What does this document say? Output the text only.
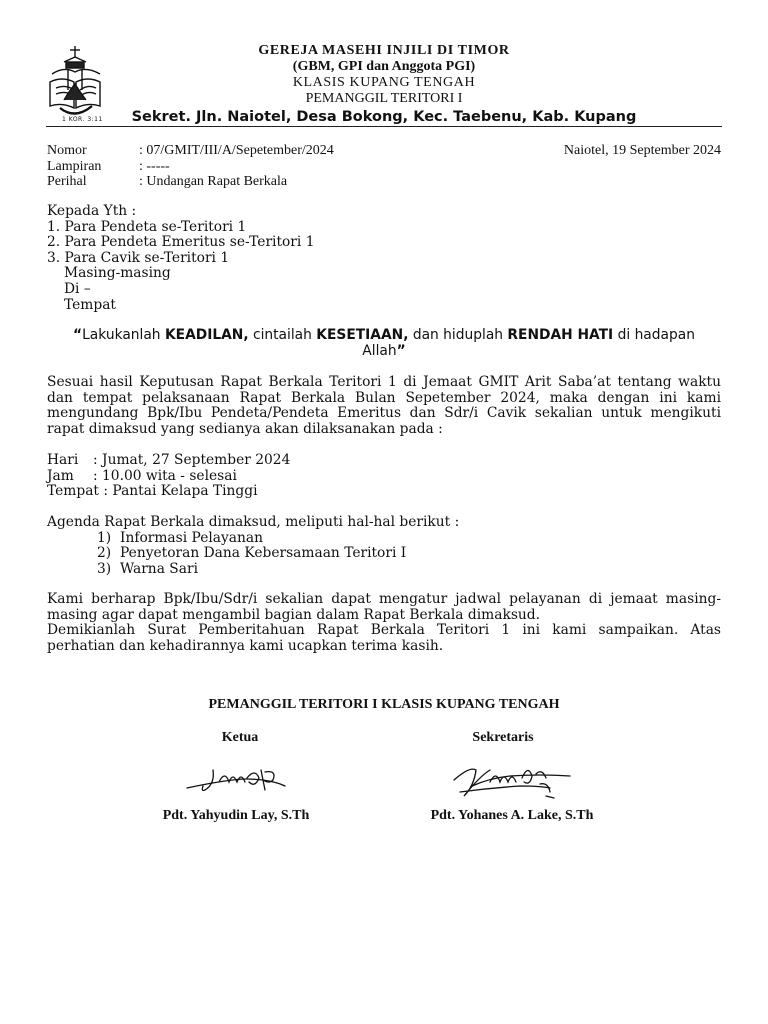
1 KOR. 3:11
GEREJA MASEHI INJILI DI TIMOR
(GBM, GPI dan Anggota PGI)
KLASIS KUPANG TENGAH
PEMANGGIL TERITORI I
Sekret. Jln. Naiotel, Desa Bokong, Kec. Taebenu, Kab. Kupang
Nomor	: 07/GMIT/III/A/Sepetember/2024	Naiotel, 19 September 2024
Lampiran	: -----
Perihal	: Undangan Rapat Berkala
Kepada Yth :
1. Para Pendeta se-Teritori 1
2. Para Pendeta Emeritus se-Teritori 1
3. Para Cavik se-Teritori 1
Masing-masing
Di –
Tempat
“Lakukanlah KEADILAN, cintailah KESETIAAN, dan hiduplah RENDAH HATI di hadapan
Allah”
Sesuai hasil Keputusan Rapat Berkala Teritori 1 di Jemaat GMIT Arit Saba’at tentang waktu
dan tempat pelaksanaan Rapat Berkala Bulan Sepetember 2024, maka dengan ini kami
mengundang Bpk/Ibu Pendeta/Pendeta Emeritus dan Sdr/i Cavik sekalian untuk mengikuti
rapat dimaksud yang sedianya akan dilaksanakan pada :
Hari : Jumat, 27 September 2024
Jam : 10.00 wita - selesai
Tempat : Pantai Kelapa Tinggi
Agenda Rapat Berkala dimaksud, meliputi hal-hal berikut :
1) Informasi Pelayanan
2) Penyetoran Dana Kebersamaan Teritori I
3) Warna Sari
Kami berharap Bpk/Ibu/Sdr/i sekalian dapat mengatur jadwal pelayanan di jemaat masing-
masing agar dapat mengambil bagian dalam Rapat Berkala dimaksud.
Demikianlah Surat Pemberitahuan Rapat Berkala Teritori 1 ini kami sampaikan. Atas
perhatian dan kehadirannya kami ucapkan terima kasih.
PEMANGGIL TERITORI I KLASIS KUPANG TENGAH
Ketua	Sekretaris
Pdt. Yahyudin Lay, S.Th	Pdt. Yohanes A. Lake, S.Th
